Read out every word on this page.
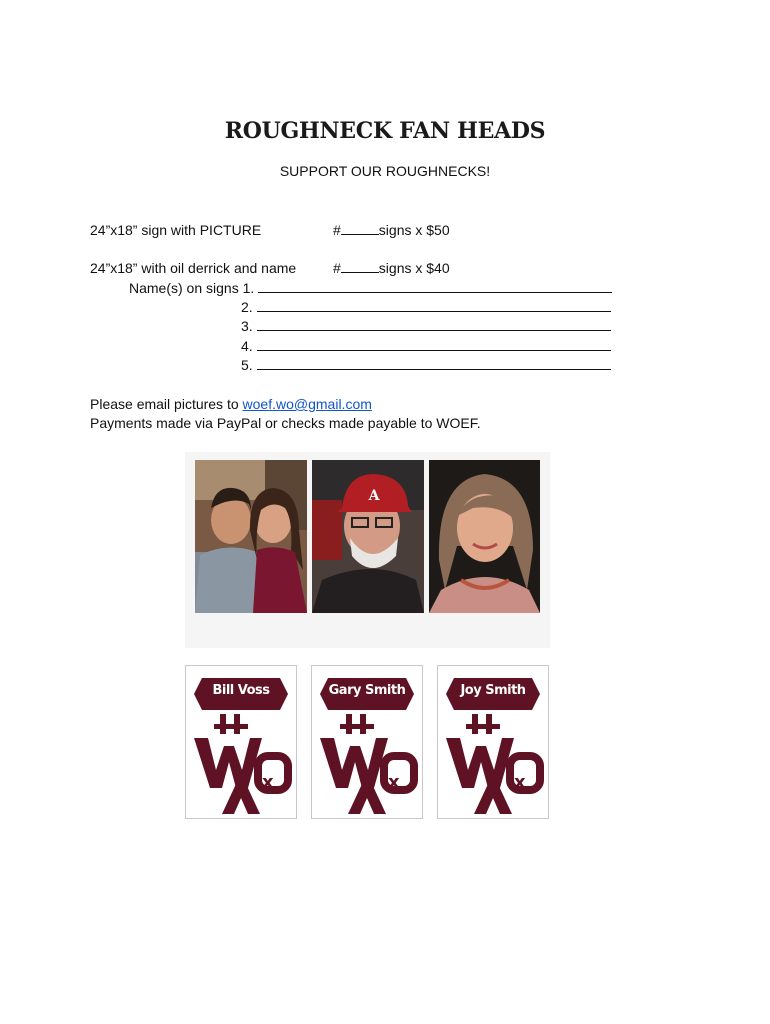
ROUGHNECK FAN HEADS
SUPPORT OUR ROUGHNECKS!
24”x18” sign with PICTURE	#	signs x $50
24”x18” with oil derrick and name	#	signs x $40
Name(s) on signs 1.
2.
3.
4.
5.
Please email pictures to woef.wo@gmail.com
Payments made via PayPal or checks made payable to WOEF.
A
x
Bill Voss
x
Gary Smith
x
Joy Smith
